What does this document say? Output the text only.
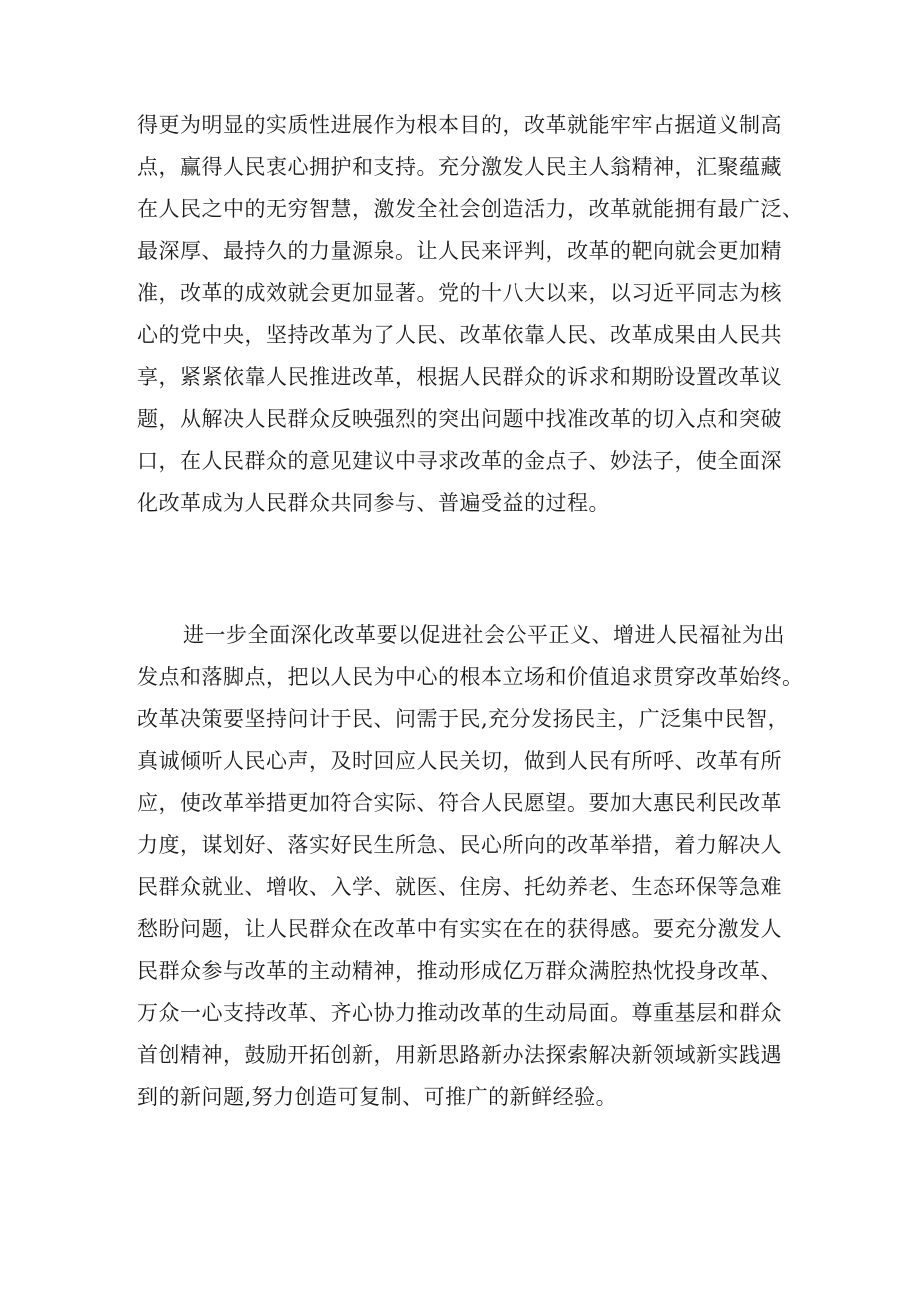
得更为明显的实质性进展作为根本目的，改革就能牢牢占据道义制高
点，赢得人民衷心拥护和支持。充分激发人民主人翁精神，汇聚蕴藏
在人民之中的无穷智慧，激发全社会创造活力，改革就能拥有最广泛、
最深厚、最持久的力量源泉。让人民来评判，改革的靶向就会更加精
准，改革的成效就会更加显著。党的十八大以来，以习近平同志为核
心的党中央，坚持改革为了人民、改革依靠人民、改革成果由人民共
享，紧紧依靠人民推进改革，根据人民群众的诉求和期盼设置改革议
题，从解决人民群众反映强烈的突出问题中找准改革的切入点和突破
口，在人民群众的意见建议中寻求改革的金点子、妙法子，使全面深
化改革成为人民群众共同参与、普遍受益的过程。
进一步全面深化改革要以促进社会公平正义、增进人民福祉为出
发点和落脚点，把以人民为中心的根本立场和价值追求贯穿改革始终。
改革决策要坚持问计于民、问需于民,充分发扬民主，广泛集中民智，
真诚倾听人民心声，及时回应人民关切，做到人民有所呼、改革有所
应，使改革举措更加符合实际、符合人民愿望。要加大惠民利民改革
力度，谋划好、落实好民生所急、民心所向的改革举措，着力解决人
民群众就业、增收、入学、就医、住房、托幼养老、生态环保等急难
愁盼问题，让人民群众在改革中有实实在在的获得感。要充分激发人
民群众参与改革的主动精神，推动形成亿万群众满腔热忱投身改革、
万众一心支持改革、齐心协力推动改革的生动局面。尊重基层和群众
首创精神，鼓励开拓创新，用新思路新办法探索解决新领域新实践遇
到的新问题,努力创造可复制、可推广的新鲜经验。
